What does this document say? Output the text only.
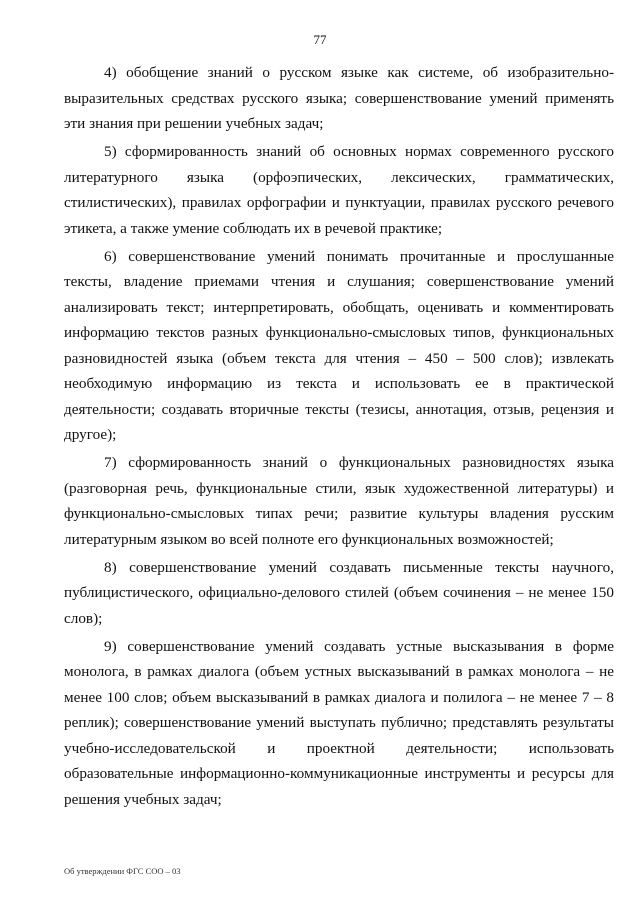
77

4) обобщение знаний о русском языке как системе, об изобразительно-выразительных средствах русского языка; совершенствование умений применять эти знания при решении учебных задач;

5) сформированность знаний об основных нормах современного русского литературного языка (орфоэпических, лексических, грамматических, стилистических), правилах орфографии и пунктуации, правилах русского речевого этикета, а также умение соблюдать их в речевой практике;

6) совершенствование умений понимать прочитанные и прослушанные тексты, владение приемами чтения и слушания; совершенствование умений анализировать текст; интерпретировать, обобщать, оценивать и комментировать информацию текстов разных функционально-смысловых типов, функциональных разновидностей языка (объем текста для чтения – 450 – 500 слов); извлекать необходимую информацию из текста и использовать ее в практической деятельности; создавать вторичные тексты (тезисы, аннотация, отзыв, рецензия и другое);

7) сформированность знаний о функциональных разновидностях языка (разговорная речь, функциональные стили, язык художественной литературы) и функционально-смысловых типах речи; развитие культуры владения русским литературным языком во всей полноте его функциональных возможностей;

8) совершенствование умений создавать письменные тексты научного, публицистического, официально-делового стилей (объем сочинения – не менее 150 слов);

9) совершенствование умений создавать устные высказывания в форме монолога, в рамках диалога (объем устных высказываний в рамках монолога – не менее 100 слов; объем высказываний в рамках диалога и полилога – не менее 7 – 8 реплик); совершенствование умений выступать публично; представлять результаты учебно-исследовательской и проектной деятельности; использовать образовательные информационно-коммуникационные инструменты и ресурсы для решения учебных задач;

Об утверждении ФГС СОО – 03
